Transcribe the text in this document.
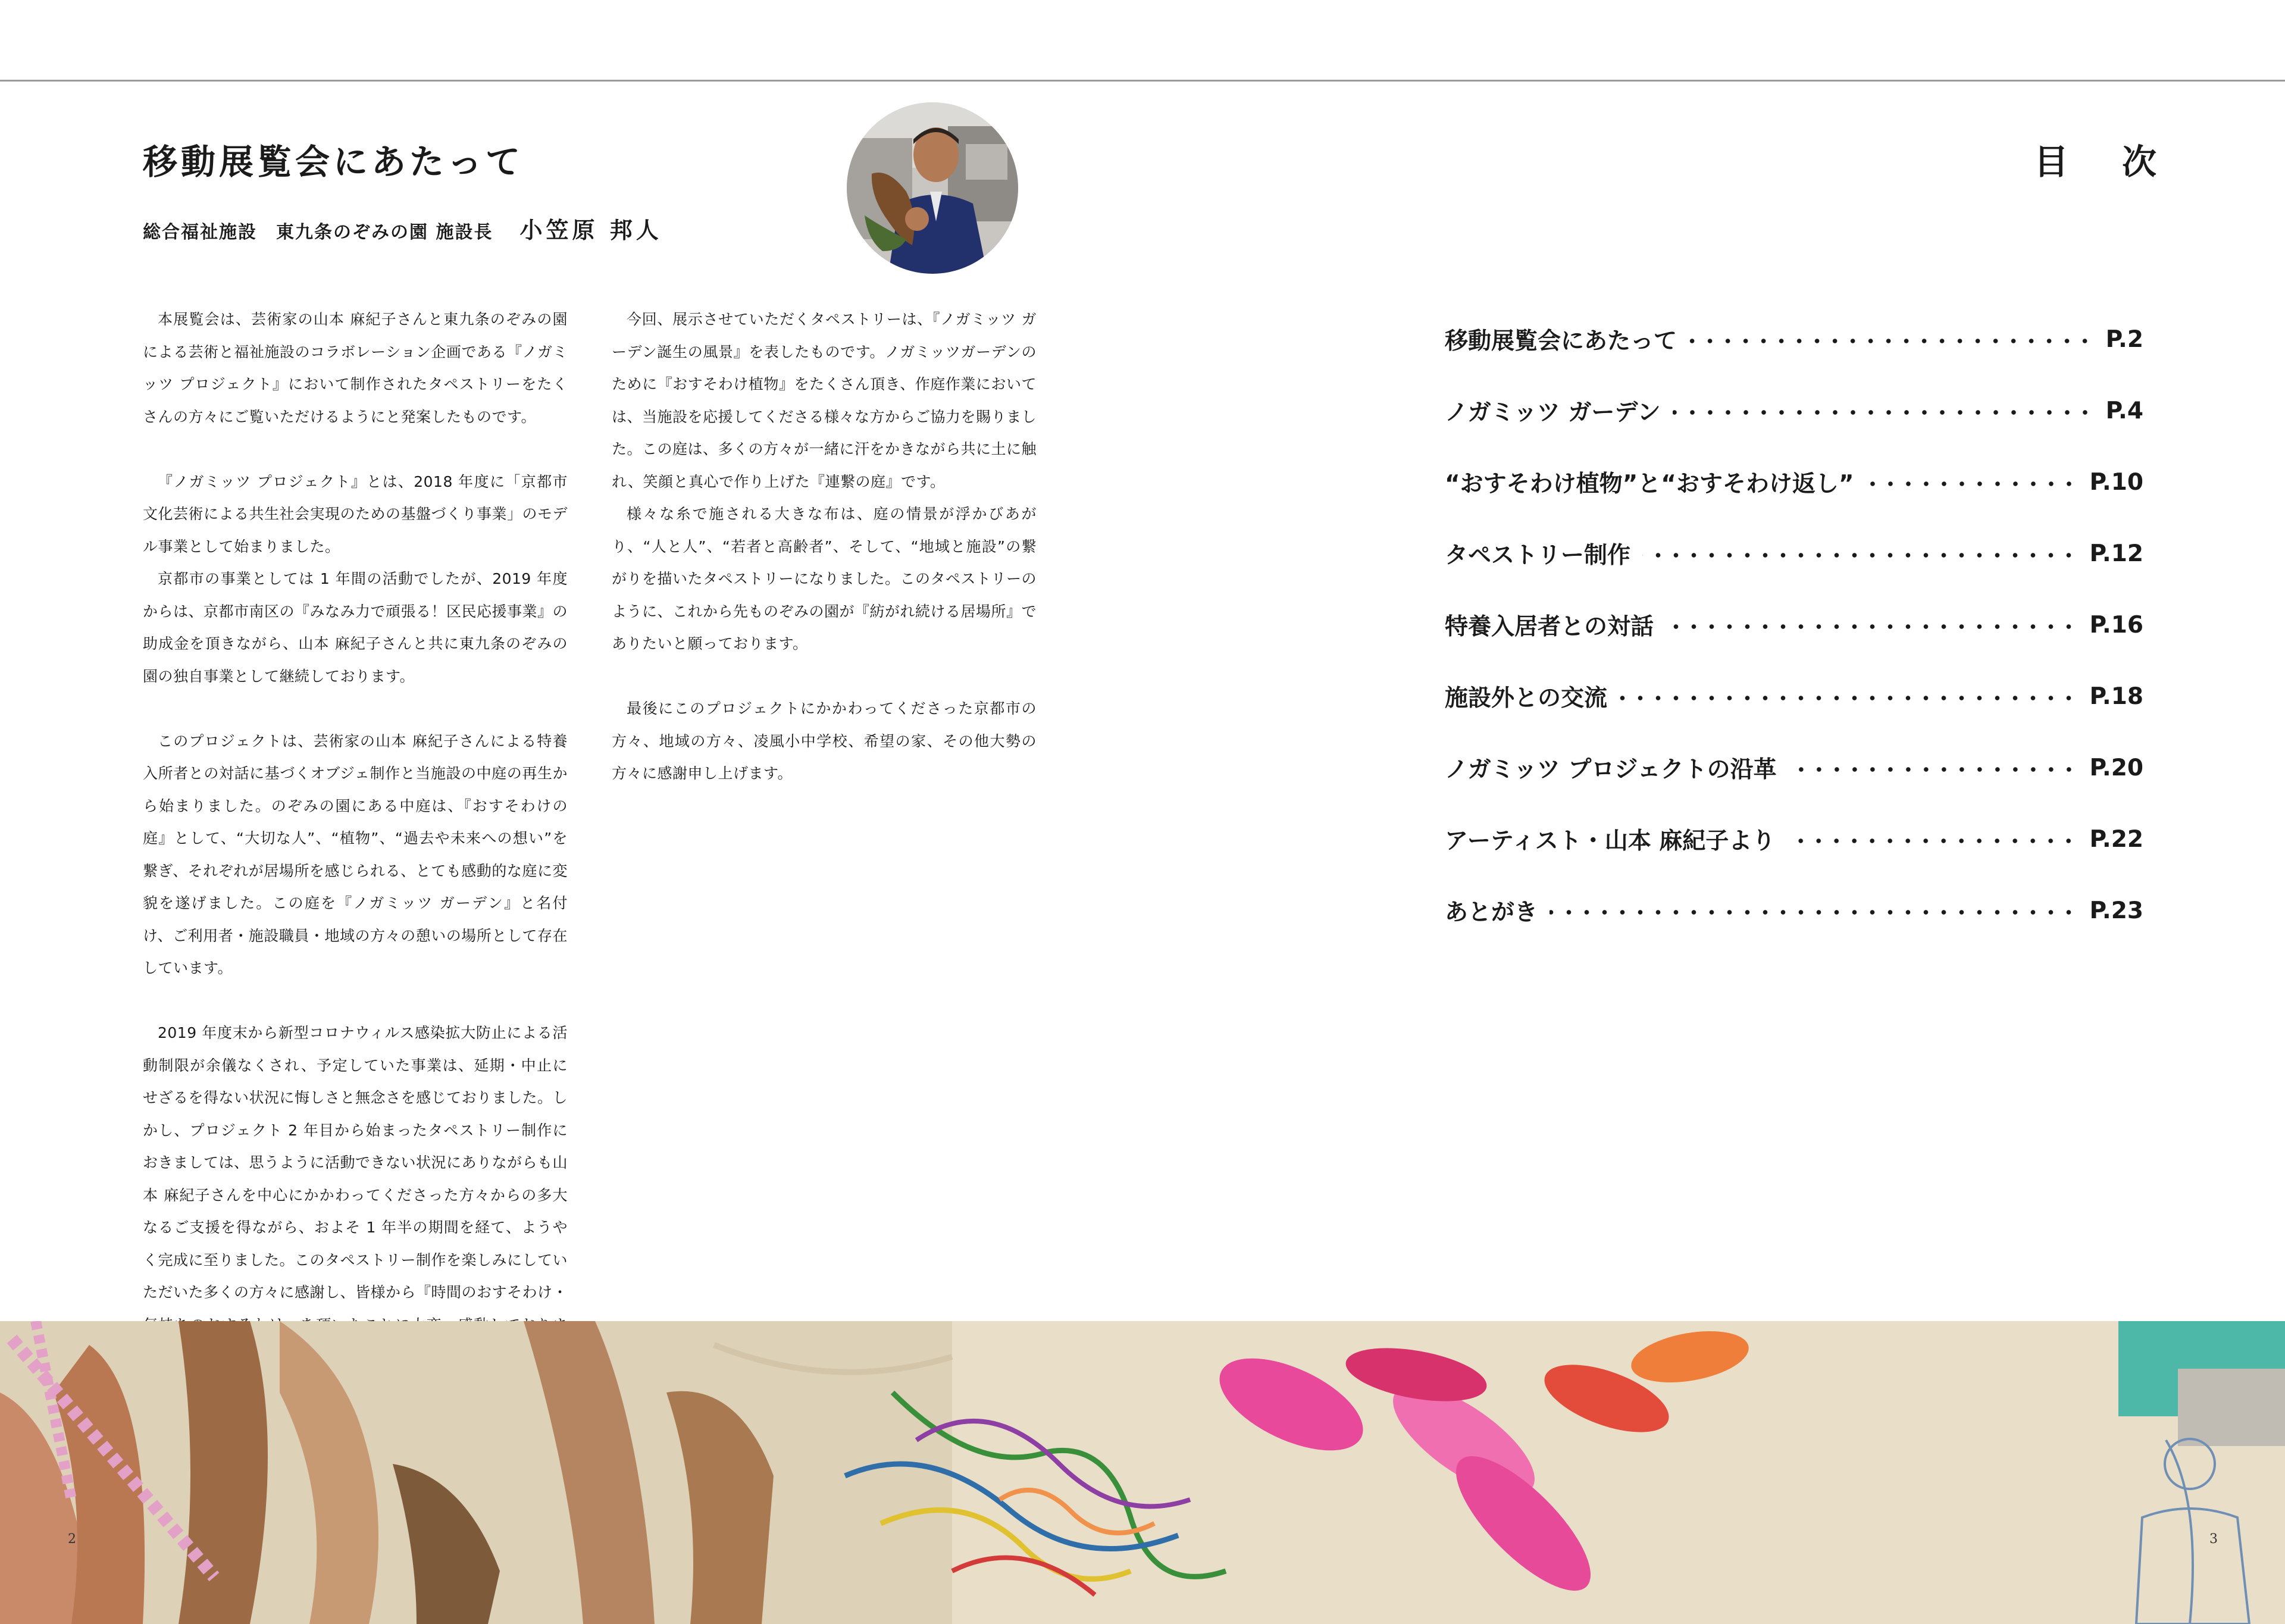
移動展覧会にあたって
総合福祉施設　東九条のぞみの園 施設長 小笠原 邦人

本展覧会は、芸術家の山本 麻紀子さんと東九条のぞみの園による芸術と福祉施設のコラボレーション企画である『ノガミッツ プロジェクト』において制作されたタペストリーをたくさんの方々にご覧いただけるようにと発案したものです。

『ノガミッツ プロジェクト』とは、2018 年度に「京都市文化芸術による共生社会実現のための基盤づくり事業」のモデル事業として始まりました。

京都市の事業としては 1 年間の活動でしたが、2019 年度からは、京都市南区の『みなみ力で頑張る！区民応援事業』の助成金を頂きながら、山本 麻紀子さんと共に東九条のぞみの園の独自事業として継続しております。

このプロジェクトは、芸術家の山本 麻紀子さんによる特養入所者との対話に基づくオブジェ制作と当施設の中庭の再生から始まりました。のぞみの園にある中庭は、『おすそわけの庭』として、“大切な人”、“植物”、“過去や未来への想い”を繋ぎ、それぞれが居場所を感じられる、とても感動的な庭に変貌を遂げました。この庭を『ノガミッツ ガーデン』と名付け、ご利用者・施設職員・地域の方々の憩いの場所として存在しています。

2019 年度末から新型コロナウィルス感染拡大防止による活動制限が余儀なくされ、予定していた事業は、延期・中止にせざるを得ない状況に悔しさと無念さを感じておりました。しかし、プロジェクト 2 年目から始まったタペストリー制作におきましては、思うように活動できない状況にありながらも山本 麻紀子さんを中心にかかわってくださった方々からの多大なるご支援を得ながら、およそ 1 年半の期間を経て、ようやく完成に至りました。このタペストリー制作を楽しみにしていただいた多くの方々に感謝し、皆様から『時間のおすそわけ・

今回、展示させていただくタペストリーは、『ノガミッツ ガーデン誕生の風景』を表したものです。ノガミッツガーデンのために『おすそわけ植物』をたくさん頂き、作庭作業においては、当施設を応援してくださる様々な方からご協力を賜りました。この庭は、多くの方々が一緒に汗をかきながら共に土に触れ、笑顔と真心で作り上げた『連繋の庭』です。

様々な糸で施される大きな布は、庭の情景が浮かびあがり、“人と人”、“若者と高齢者”、そして、“地域と施設”の繋がりを描いたタペストリーになりました。このタペストリーのように、これから先ものぞみの園が『紡がれ続ける居場所』でありたいと願っております。

最後にこのプロジェクトにかかわってくださった京都市の方々、地域の方々、凌風小中学校、希望の家、その他大勢の方々に感謝申し上げます。

目 次
移動展覧会にあたって	P.2
ノガミッツ ガーデン	P.4
“おすそわけ植物”と“おすそわけ返し”	P.10
タペストリー制作	P.12
特養入居者との対話	P.16
施設外との交流	P.18
ノガミッツ プロジェクトの沿革	P.20
アーティスト・山本 麻紀子より	P.22
あとがき	P.23
2	3
